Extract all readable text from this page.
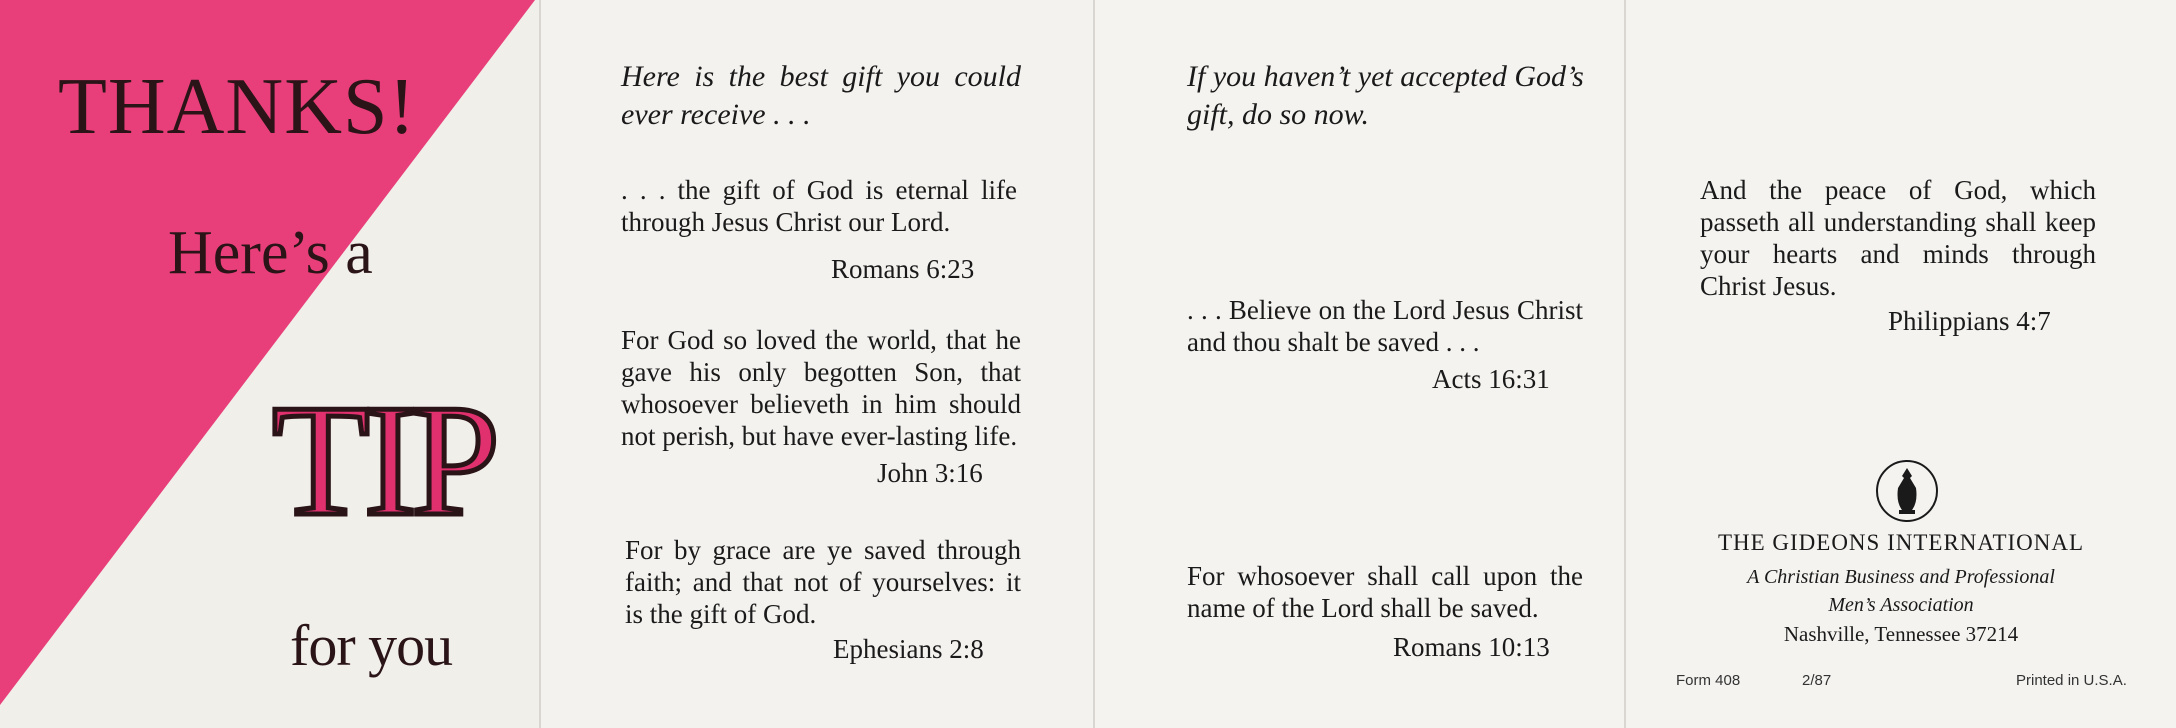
THANKS!
Here’s a
TIP
for you
Here is the best gift you could ever receive . . .
. . . the gift of God is eternal life through Jesus Christ our Lord.
Romans 6:23
For God so loved the world, that he gave his only begotten Son, that whosoever believeth in him should not perish, but have ever-lasting life.
John 3:16
For by grace are ye saved through faith; and that not of yourselves: it is the gift of God.
Ephesians 2:8
If you haven’t yet accepted God’s gift, do so now.
. . . Believe on the Lord Jesus Christ and thou shalt be saved . . .
Acts 16:31
For whosoever shall call upon the name of the Lord shall be saved.
Romans 10:13
And the peace of God, which passeth all understanding shall keep your hearts and minds through Christ Jesus.
Philippians 4:7
THE GIDEONS INTERNATIONAL
A Christian Business and Professional
Men’s Association
Nashville, Tennessee 37214
Form 408	2/87	Printed in U.S.A.
